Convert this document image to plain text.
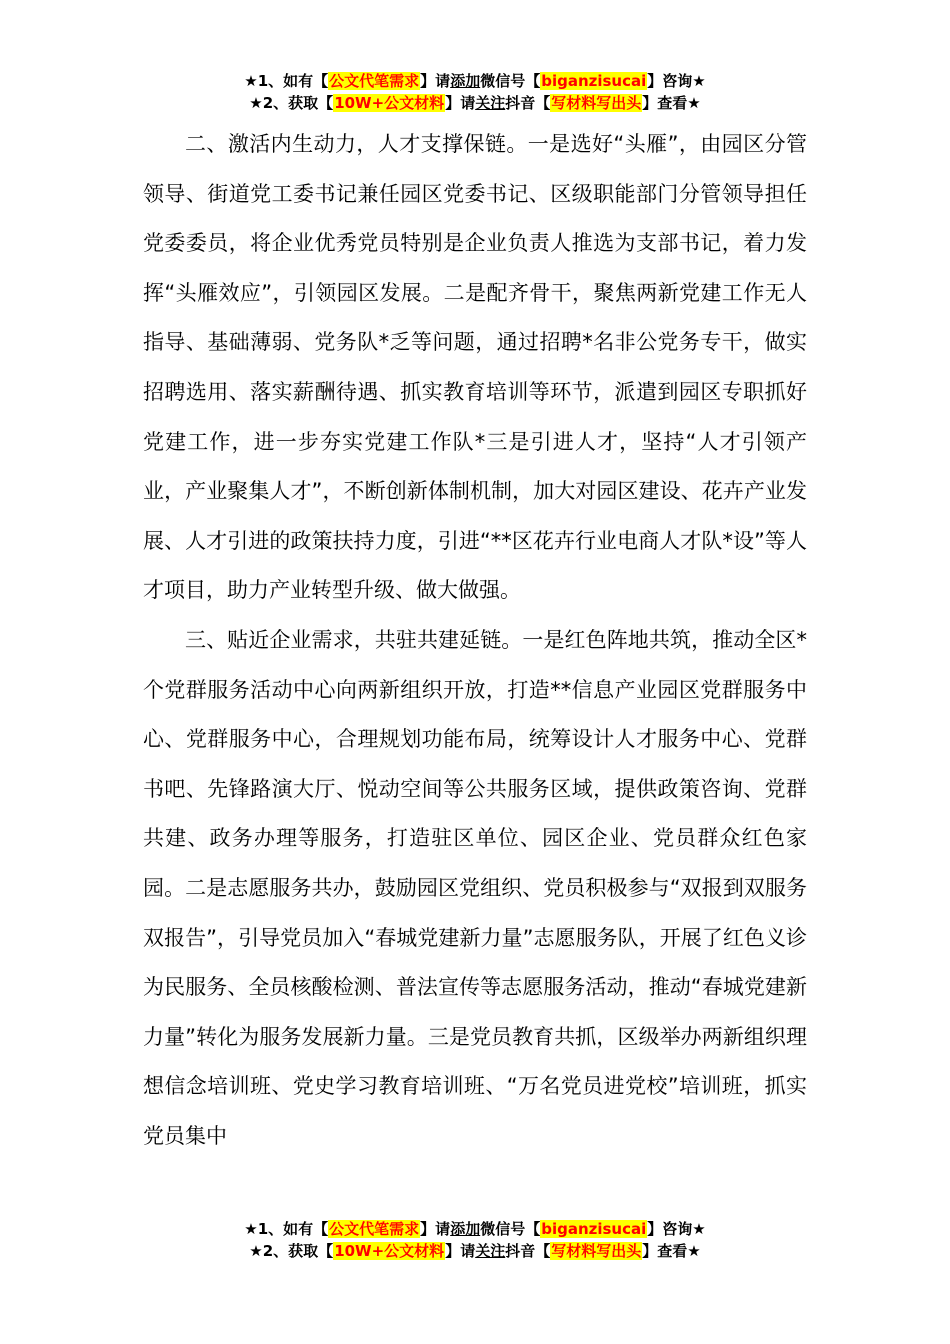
★1、如有【公文代笔需求】请添加微信号【biganzisucai】咨询★
★2、获取【10W+公文材料】请关注抖音【写材料写出头】查看★

二、激活内生动力，人才支撑保链。一是选好“头雁”，由园区分管领导、街道党工委书记兼任园区党委书记、区级职能部门分管领导担任党委委员，将企业优秀党员特别是企业负责人推选为支部书记，着力发挥“头雁效应”，引领园区发展。二是配齐骨干，聚焦两新党建工作无人指导、基础薄弱、党务队*乏等问题，通过招聘*名非公党务专干，做实招聘选用、落实薪酬待遇、抓实教育培训等环节，派遣到园区专职抓好党建工作，进一步夯实党建工作队*三是引进人才，坚持“人才引领产业，产业聚集人才”，不断创新体制机制，加大对园区建设、花卉产业发展、人才引进的政策扶持力度，引进“**区花卉行业电商人才队*设”等人才项目，助力产业转型升级、做大做强。

三、贴近企业需求，共驻共建延链。一是红色阵地共筑，推动全区*个党群服务活动中心向两新组织开放，打造**信息产业园区党群服务中心、党群服务中心，合理规划功能布局，统筹设计人才服务中心、党群书吧、先锋路演大厅、悦动空间等公共服务区域，提供政策咨询、党群共建、政务办理等服务，打造驻区单位、园区企业、党员群众红色家园。二是志愿服务共办，鼓励园区党组织、党员积极参与“双报到双服务双报告”，引导党员加入“春城党建新力量”志愿服务队，开展了红色义诊为民服务、全员核酸检测、普法宣传等志愿服务活动，推动“春城党建新力量”转化为服务发展新力量。三是党员教育共抓，区级举办两新组织理想信念培训班、党史学习教育培训班、“万名党员进党校”培训班，抓实党员集中

★1、如有【公文代笔需求】请添加微信号【biganzisucai】咨询★
★2、获取【10W+公文材料】请关注抖音【写材料写出头】查看★
